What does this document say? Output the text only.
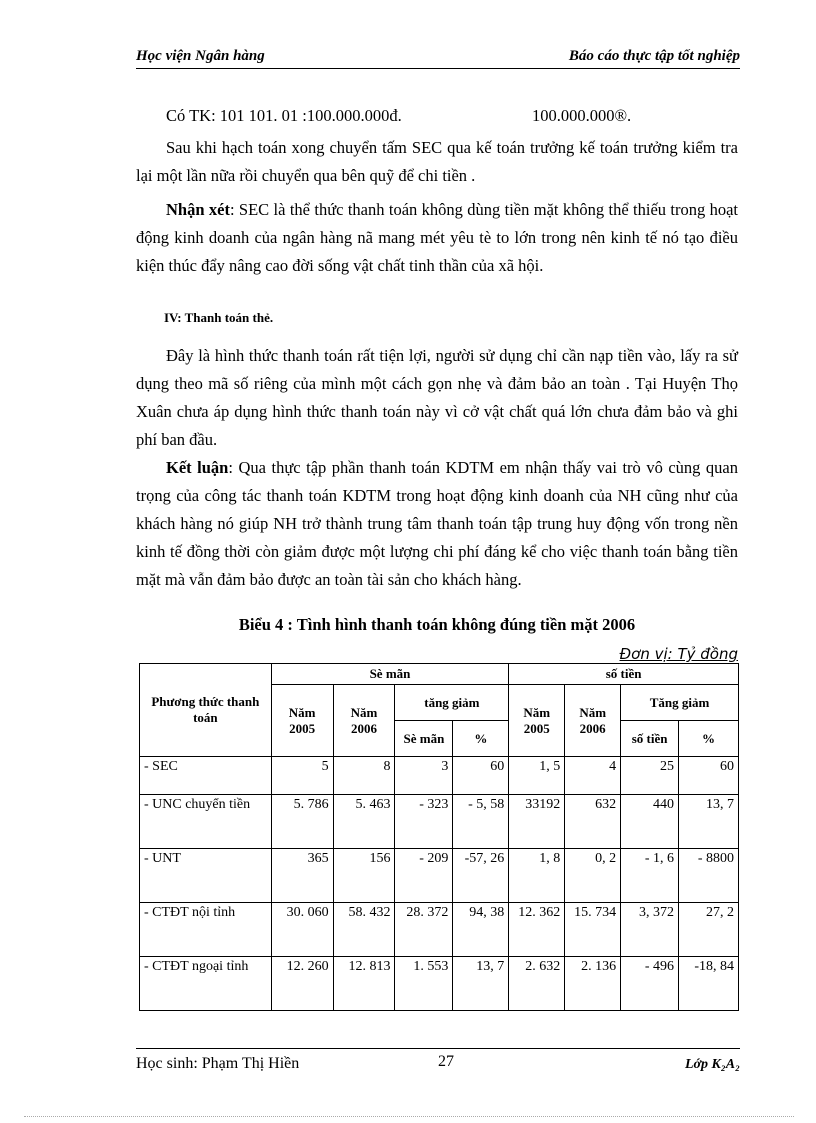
Học viện Ngân hàng	Báo cáo thực tập tốt nghiệp

Có TK: 101 101. 01 :100.000.000đ.	100.000.000®.

Sau khi hạch toán xong chuyển tấm SEC qua kế toán trưởng kế toán trưởng kiểm tra lại một lần nữa rồi chuyển qua bên quỹ để chi tiền .

Nhận xét: SEC là thể thức thanh toán không dùng tiền mặt không thể thiếu trong hoạt động kinh doanh của ngân hàng nã mang mét yêu tè to lớn trong nên kinh tế nó tạo điều kiện thúc đẩy nâng cao đời sống vật chất tinh thần của xã hội.

IV: Thanh toán thẻ.

Đây là hình thức thanh toán rất tiện lợi, người sử dụng chỉ cần nạp tiền vào, lấy ra sử dụng theo mã số riêng của mình một cách gọn nhẹ và đảm bảo an toàn . Tại Huyện Thọ Xuân chưa áp dụng hình thức thanh toán này vì cở vật chất quá lớn chưa đảm bảo và ghi phí ban đầu.

Kết luận: Qua thực tập phần thanh toán KDTM em nhận thấy vai trò vô cùng quan trọng của công tác thanh toán KDTM trong hoạt động kinh doanh của NH cũng như của khách hàng nó giúp NH trở thành trung tâm thanh toán tập trung huy động vốn trong nền kinh tế đồng thời còn giảm được một lượng chi phí đáng kể cho việc thanh toán bằng tiền mặt mà vẫn đảm bảo được an toàn tài sản cho khách hàng.

Biểu 4 : Tình hình thanh toán không đúng tiền mặt 2006
Đơn vị: Tỷ đồng
Phương thức thanh toán	Sè mãn				số tiền			
	Năm 2005	Năm 2006	tăng giảm		Năm 2005	Năm 2006	Tăng giảm	
			Sè mãn	%			số tiền	%
- SEC	5	8	3	60	1, 5	4	25	60
- UNC chuyển tiền	5. 786	5. 463	- 323	- 5, 58	33192	632	440	13, 7
- UNT	365	156	- 209	-57, 26	1, 8	0, 2	- 1, 6	- 8800
- CTĐT nội tỉnh	30. 060	58. 432	28. 372	94, 38	12. 362	15. 734	3, 372	27, 2
- CTĐT ngoại tỉnh	12. 260	12. 813	1. 553	13, 7	2. 632	2. 136	- 496	-18, 84
Học sinh: Phạm Thị Hiền	27	Lớp K₂A₂
